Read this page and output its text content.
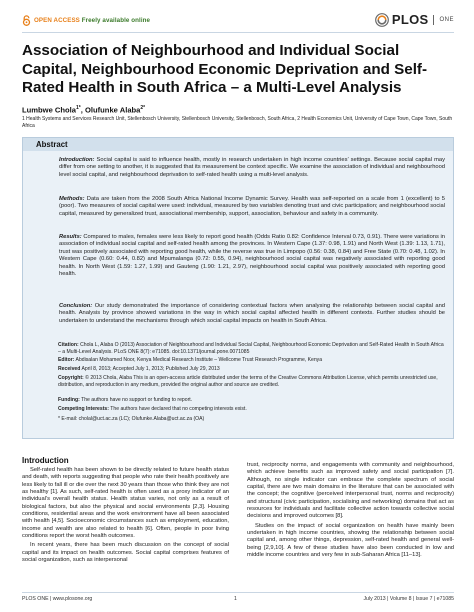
OPEN ACCESS Freely available online	PLOS ONE
Association of Neighbourhood and Individual Social Capital, Neighbourhood Economic Deprivation and Self-Rated Health in South Africa – a Multi-Level Analysis
Lumbwe Chola$^{1*}$, Olufunke Alaba$^{2*}$
1 Health Systems and Services Research Unit, Stellenbosch University, Stellenbosch University, Stellenbosch, South Africa, 2 Health Economics Unit, University of Cape Town, Cape Town, South Africa
Abstract
Introduction: Social capital is said to influence health, mostly in research undertaken in high income countries’ settings. Because social capital may differ from one setting to another, it is suggested that its measurement be context specific. We examine the association of individual and neighbourhood level social capital, and neighbourhood deprivation to self-rated health using a multi-level analysis.
Methods: Data are taken from the 2008 South Africa National Income Dynamic Survey. Health was self-reported on a scale from 1 (excellent) to 5 (poor). Two measures of social capital were used: individual, measured by two variables denoting trust and civic participation; and neighbourhood social capital, measured by generalized trust, associational membership, support, association, behaviour and safety in a community.
Results: Compared to males, females were less likely to report good health (Odds Ratio 0.82: Confidence Interval 0.73, 0.91). There were variations in association of individual social capital and self-rated health among the provinces. In Western Cape (1.37: 0.98, 1.91) and North West (1.39: 1.13, 1.71), trust was positively associated with reporting good health, while the reverse was true in Limpopo (0.56: 0.38, 0.84) and Free State (0.70: 0.48, 1.02). In Western Cape (0.60: 0.44, 0.82) and Mpumalanga (0.72: 0.55, 0.94), neighbourhood social capital was negatively associated with reporting good health. In North West (1.59: 1.27, 1.99) and Gauteng (1.90: 1.21, 2.97), neighbourhood social capital was positively associated with reporting good health.
Conclusion: Our study demonstrated the importance of considering contextual factors when analysing the relationship between social capital and health. Analysis by province showed variations in the way in which social capital affected health in different contexts. Further studies should be undertaken to understand the mechanisms through which social capital impacts on health in South Africa.
Citation: Chola L, Alaba O (2013) Association of Neighbourhood and Individual Social Capital, Neighbourhood Economic Deprivation and Self-Rated Health in South Africa – a Multi-Level Analysis. PLoS ONE 8(7): e71085. doi:10.1371/journal.pone.0071085
Editor: Abdisalan Mohamed Noor, Kenya Medical Research Institute – Wellcome Trust Research Programme, Kenya
Received April 8, 2013; Accepted July 1, 2013; Published July 29, 2013
Copyright: © 2013 Chola, Alaba This is an open-access article distributed under the terms of the Creative Commons Attribution License, which permits unrestricted use, distribution, and reproduction in any medium, provided the original author and source are credited.
Funding: The authors have no support or funding to report.
Competing Interests: The authors have declared that no competing interests exist.
* E-mail: cholal@uct.ac.za (LC); Olufunke.Alaba@uct.ac.za (OA)
Introduction

Self-rated health has been shown to be directly related to future health status and death, with reports suggesting that people who rate their health positively are less likely to fall ill or die over the next 30 years than those who think they are not as healthy [1]. As such, self-rated health is often used as a proxy indicator of an individual’s overall health status. Health status varies, not only as a result of biological factors, but also the physical and social environments [2,3]. Housing conditions, residential areas and the work environment have all been associated with health [4,5]. Socioeconomic circumstances such as employment, education, income and wealth are also related to health [6]. Often, people in poor living conditions report the worst health outcomes.

In recent years, there has been much discussion on the concept of social capital and its impact on health outcomes. Social capital comprises features of social organization, such as interpersonal

trust, reciprocity norms, and engagements with community and neighbourhood, which achieve benefits such as improved safety and social participation [7]. Although, no single indicator can embrace the complete spectrum of social capital, there are two main domains in the literature that can be associated with the concept; the cognitive (perceived interpersonal trust, norms and reciprocity) and structural (civic participation, socialising and networking) domains that act as resources for individuals and facilitate collective action towards collective social decisions and improved outcomes [8].

Studies on the impact of social organization on health have mainly been undertaken in high income countries, showing the relationship between social capital and, among other things, depression, self-rated health and general well-being [2,9,10]. A few of these studies have also been conducted in low and middle income countries and very few in sub-Saharan Africa [11–13].

PLOS ONE | www.plosone.org	1	July 2013 | Volume 8 | Issue 7 | e71085
